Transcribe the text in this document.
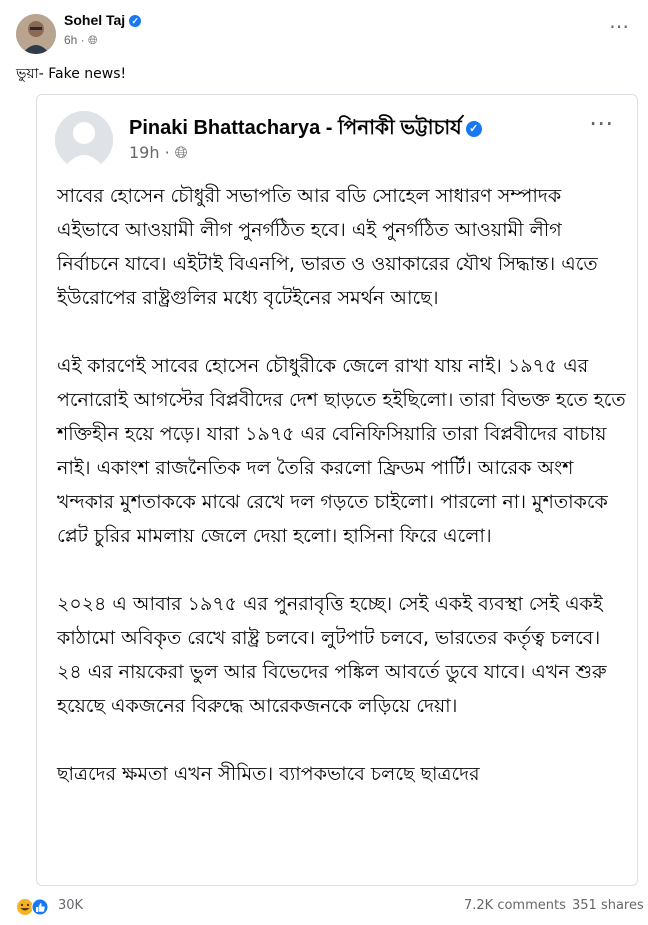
Sohel Taj ✓
6h · 🌐︎
⋯
ভুয়া- Fake news!
Pinaki Bhattacharya - পিনাকী ভট্টাচার্য ✓
19h · 🌐︎
⋯

সাবের হোসেন চৌধুরী সভাপতি আর বডি সোহেল সাধারণ সম্পাদক এইভাবে আওয়ামী লীগ পুনর্গঠিত হবে। এই পুনর্গঠিত আওয়ামী লীগ নির্বাচনে যাবে। এইটাই বিএনপি, ভারত ও ওয়াকারের যৌথ সিদ্ধান্ত। এতে ইউরোপের রাষ্ট্রগুলির মধ্যে বৃটেইনের সমর্থন আছে।

এই কারণেই সাবের হোসেন চৌধুরীকে জেলে রাখা যায় নাই। ১৯৭৫ এর পনোরোই আগস্টের বিপ্লবীদের দেশ ছাড়তে হইছিলো। তারা বিভক্ত হতে হতে শক্তিহীন হয়ে পড়ে। যারা ১৯৭৫ এর বেনিফিসিয়ারি তারা বিপ্লবীদের বাচায় নাই। একাংশ রাজনৈতিক দল তৈরি করলো ফ্রিডম পার্টি। আরেক অংশ খন্দকার মুশতাককে মাঝে রেখে দল গড়তে চাইলো। পারলো না। মুশতাককে প্লেট চুরির মামলায় জেলে দেয়া হলো। হাসিনা ফিরে এলো।

২০২৪ এ আবার ১৯৭৫ এর পুনরাবৃত্তি হচ্ছে। সেই একই ব্যবস্থা সেই একই কাঠামো অবিকৃত রেখে রাষ্ট্র চলবে। লুটপাট চলবে, ভারতের কর্তৃত্ব চলবে। ২৪ এর নায়কেরা ভুল আর বিভেদের পঙ্কিল আবর্তে ডুবে যাবে। এখন শুরু হয়েছে একজনের বিরুদ্ধে আরেকজনকে লড়িয়ে দেয়া।

ছাত্রদের ক্ষমতা এখন সীমিত। ব্যাপকভাবে চলছে ছাত্রদের

30K	7.2K comments 351 shares
